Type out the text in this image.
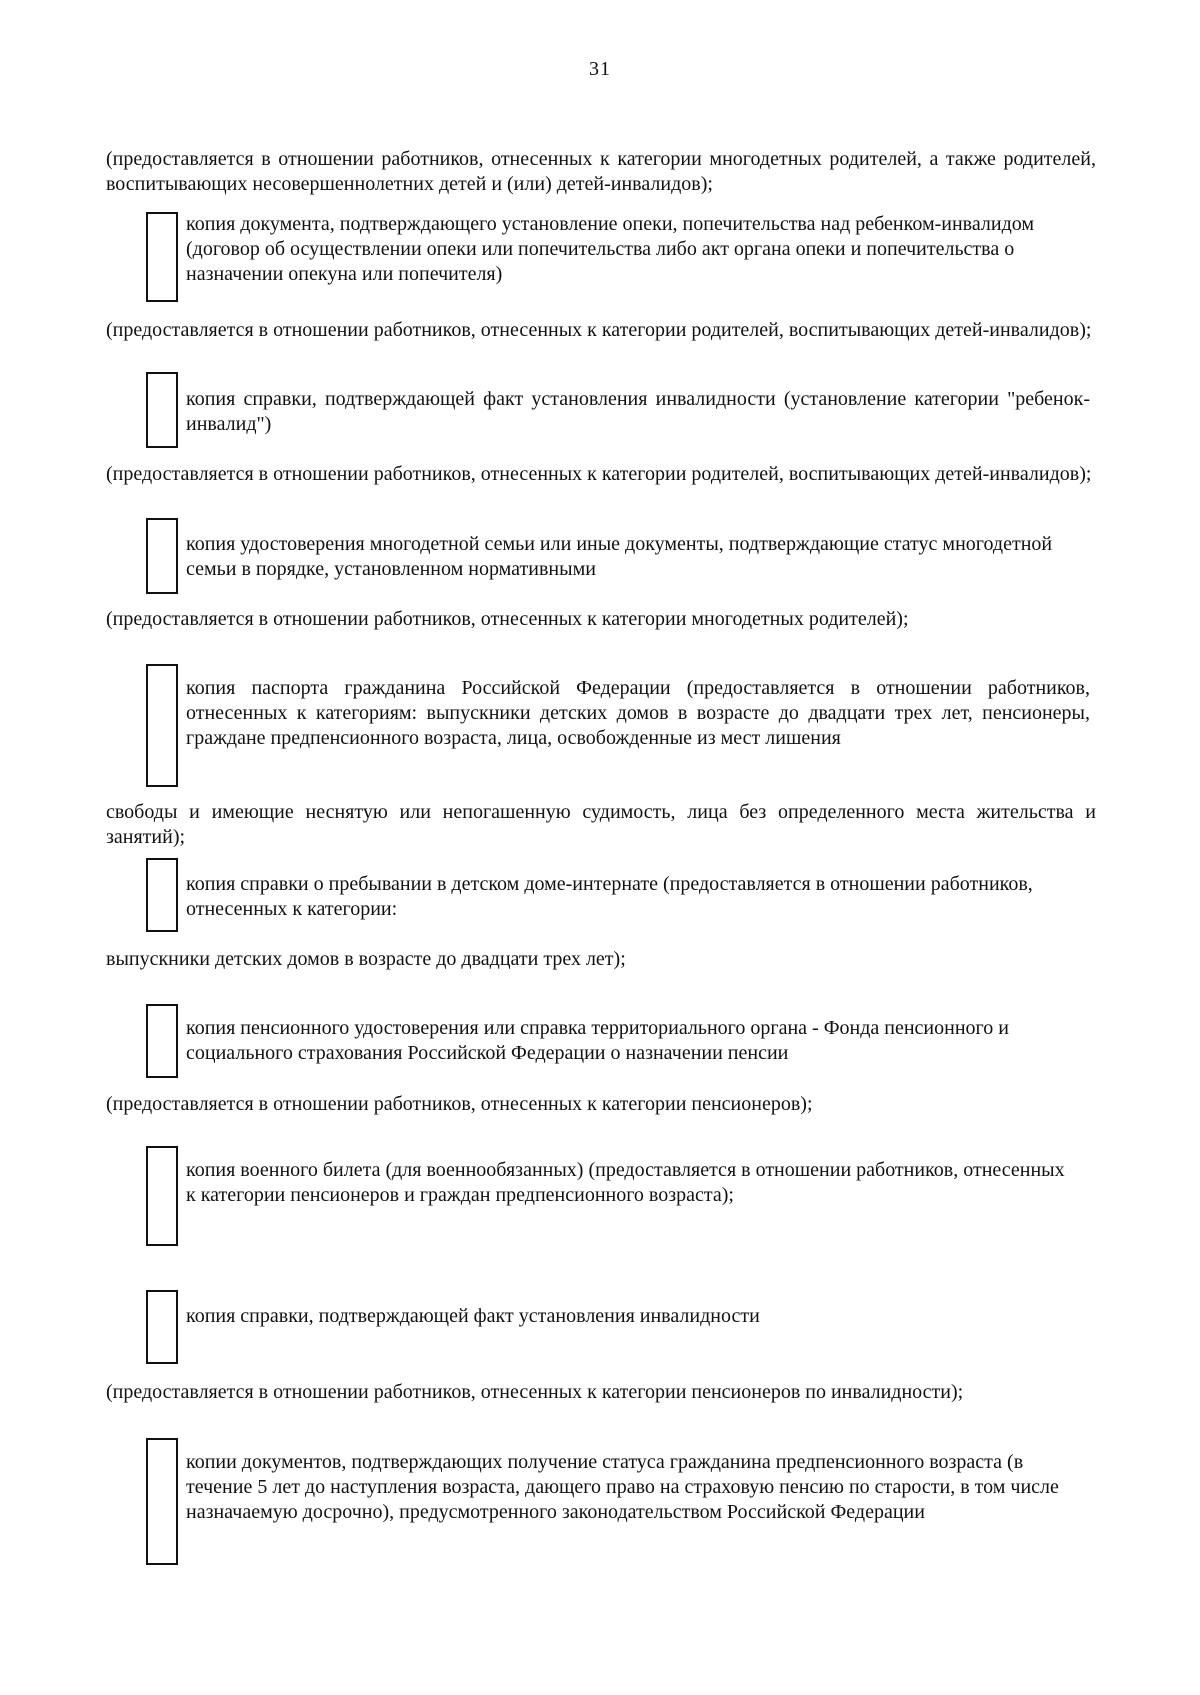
31
(предоставляется в отношении работников, отнесенных к категории многодетных родителей, а также родителей, воспитывающих несовершеннолетних детей и (или) детей-инвалидов);
копия документа, подтверждающего установление опеки, попечительства над ребенком-инвалидом (договор об осуществлении опеки или попечительства либо акт органа опеки и попечительства о назначении опекуна или попечителя)
(предоставляется в отношении работников, отнесенных к категории родителей, воспитывающих детей-инвалидов);
копия справки, подтверждающей факт установления инвалидности (установление категории "ребенок-инвалид")
(предоставляется в отношении работников, отнесенных к категории родителей, воспитывающих детей-инвалидов);
копия удостоверения многодетной семьи или иные документы, подтверждающие статус многодетной семьи в порядке, установленном нормативными
(предоставляется в отношении работников, отнесенных к категории многодетных родителей);
копия паспорта гражданина Российской Федерации (предоставляется в отношении работников, отнесенных к категориям: выпускники детских домов в возрасте до двадцати трех лет, пенсионеры, граждане предпенсионного возраста, лица, освобожденные из мест лишения
свободы и имеющие неснятую или непогашенную судимость, лица без определенного места жительства и занятий);
копия справки о пребывании в детском доме-интернате (предоставляется в отношении работников, отнесенных к категории:
выпускники детских домов в возрасте до двадцати трех лет);
копия пенсионного удостоверения или справка территориального органа - Фонда пенсионного и социального страхования Российской Федерации о назначении пенсии
(предоставляется в отношении работников, отнесенных к категории пенсионеров);
копия военного билета (для военнообязанных) (предоставляется в отношении работников, отнесенных к категории пенсионеров и граждан предпенсионного возраста);
копия справки, подтверждающей факт установления инвалидности
(предоставляется в отношении работников, отнесенных к категории пенсионеров по инвалидности);
копии документов, подтверждающих получение статуса гражданина предпенсионного возраста (в течение 5 лет до наступления возраста, дающего право на страховую пенсию по старости, в том числе назначаемую досрочно), предусмотренного законодательством Российской Федерации
